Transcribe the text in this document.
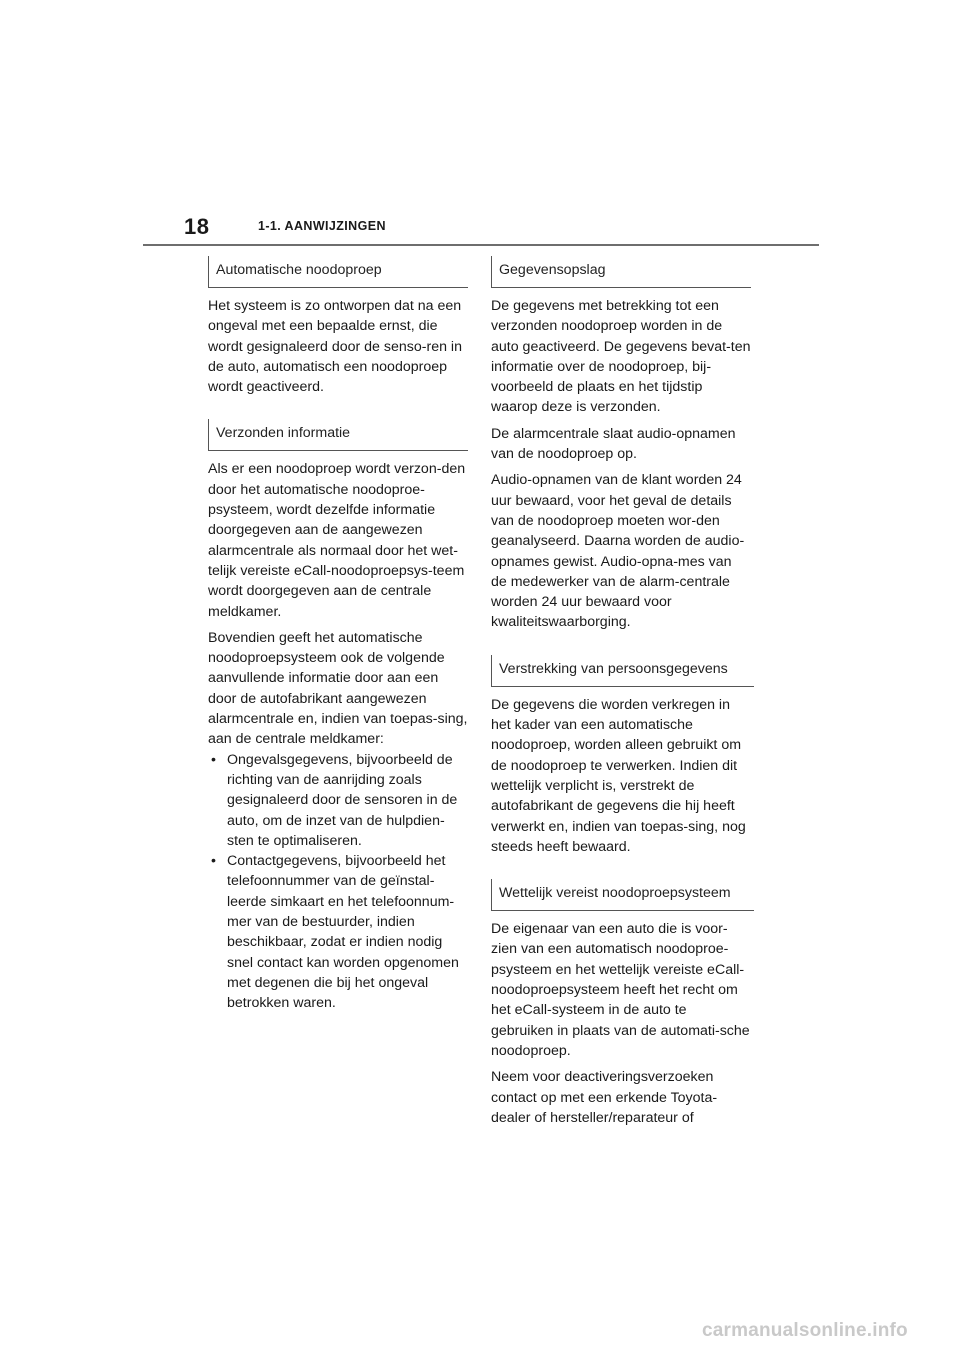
18	1-1. AANWIJZINGEN
Automatische noodoproep

Het systeem is zo ontworpen dat na een ongeval met een bepaalde ernst, die wordt gesignaleerd door de senso-ren in de auto, automatisch een noodoproep wordt geactiveerd.

Verzonden informatie

Als er een noodoproep wordt verzon-den door het automatische noodoproe-psysteem, wordt dezelfde informatie doorgegeven aan de aangewezen alarmcentrale als normaal door het wet-telijk vereiste eCall-noodoproepsys-teem wordt doorgegeven aan de centrale meldkamer.

Bovendien geeft het automatische noodoproepsysteem ook de volgende aanvullende informatie door aan een door de autofabrikant aangewezen alarmcentrale en, indien van toepas-sing, aan de centrale meldkamer:

• Ongevalsgegevens, bijvoorbeeld de richting van de aanrijding zoals gesignaleerd door de sensoren in de auto, om de inzet van de hulpdien-sten te optimaliseren.
• Contactgegevens, bijvoorbeeld het telefoonnummer van de geïnstal-leerde simkaart en het telefoonnum-mer van de bestuurder, indien beschikbaar, zodat er indien nodig snel contact kan worden opgenomen met degenen die bij het ongeval betrokken waren.
Gegevensopslag

De gegevens met betrekking tot een verzonden noodoproep worden in de auto geactiveerd. De gegevens bevat-ten informatie over de noodoproep, bij-voorbeeld de plaats en het tijdstip waarop deze is verzonden.

De alarmcentrale slaat audio-opnamen van de noodoproep op.

Audio-opnamen van de klant worden 24 uur bewaard, voor het geval de details van de noodoproep moeten wor-den geanalyseerd. Daarna worden de audio-opnames gewist. Audio-opna-mes van de medewerker van de alarm-centrale worden 24 uur bewaard voor kwaliteitswaarborging.

Verstrekking van persoonsgegevens

De gegevens die worden verkregen in het kader van een automatische noodoproep, worden alleen gebruikt om de noodoproep te verwerken. Indien dit wettelijk verplicht is, verstrekt de autofabrikant de gegevens die hij heeft verwerkt en, indien van toepas-sing, nog steeds heeft bewaard.

Wettelijk vereist noodoproepsysteem

De eigenaar van een auto die is voor-zien van een automatisch noodoproe-psysteem en het wettelijk vereiste eCall-noodoproepsysteem heeft het recht om het eCall-systeem in de auto te gebruiken in plaats van de automati-sche noodoproep.

Neem voor deactiveringsverzoeken contact op met een erkende Toyota-dealer of hersteller/reparateur of

carmanualsonline.info
